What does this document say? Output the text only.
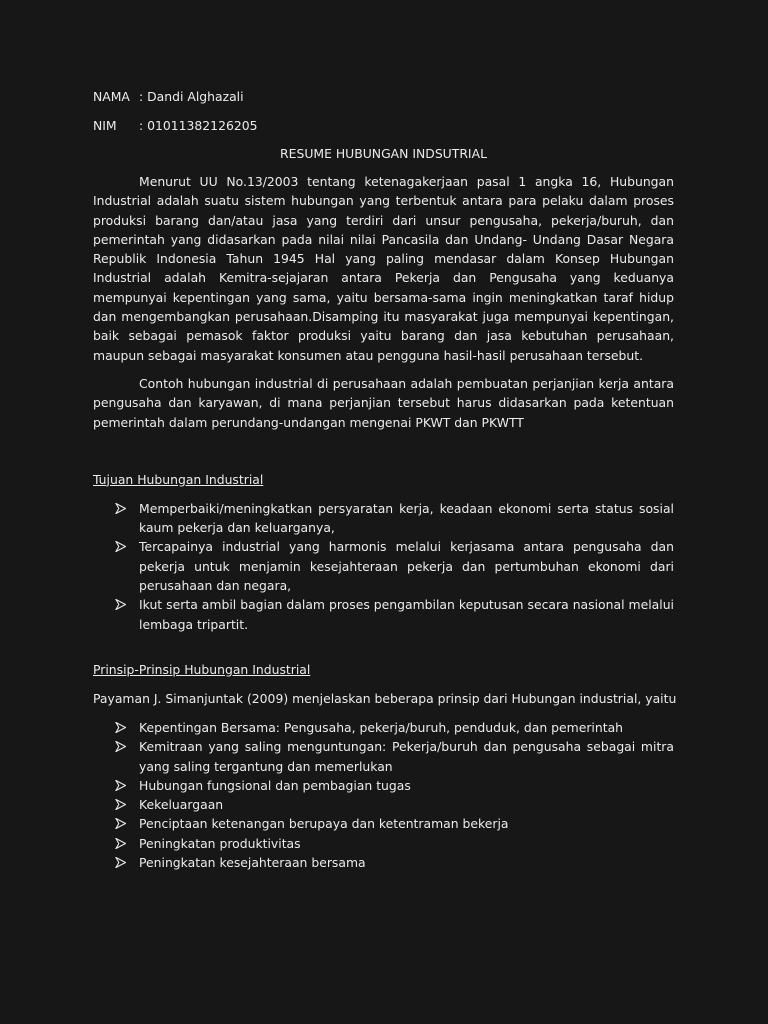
NAMA : Dandi Alghazali
NIM	: 01011382126205
RESUME HUBUNGAN INDSUTRIAL

Menurut UU No.13/2003 tentang ketenagakerjaan pasal 1 angka 16, Hubungan Industrial adalah suatu sistem hubungan yang terbentuk antara para pelaku dalam proses produksi barang dan/atau jasa yang terdiri dari unsur pengusaha, pekerja/buruh, dan pemerintah yang didasarkan pada nilai nilai Pancasila dan Undang- Undang Dasar Negara Republik Indonesia Tahun 1945 Hal yang paling mendasar dalam Konsep Hubungan Industrial adalah Kemitra-sejajaran antara Pekerja dan Pengusaha yang keduanya mempunyai kepentingan yang sama, yaitu bersama-sama ingin meningkatkan taraf hidup dan mengembangkan perusahaan.Disamping itu masyarakat juga mempunyai kepentingan, baik sebagai pemasok faktor produksi yaitu barang dan jasa kebutuhan perusahaan, maupun sebagai masyarakat konsumen atau pengguna hasil-hasil perusahaan tersebut.

Contoh hubungan industrial di perusahaan adalah pembuatan perjanjian kerja antara pengusaha dan karyawan, di mana perjanjian tersebut harus didasarkan pada ketentuan pemerintah dalam perundang-undangan mengenai PKWT dan PKWTT

Tujuan Hubungan Industrial
Memperbaiki/meningkatkan persyaratan kerja, keadaan ekonomi serta status sosial kaum pekerja dan keluarganya,
Tercapainya industrial yang harmonis melalui kerjasama antara pengusaha dan pekerja untuk menjamin kesejahteraan pekerja dan pertumbuhan ekonomi dari perusahaan dan negara,
Ikut serta ambil bagian dalam proses pengambilan keputusan secara nasional melalui lembaga tripartit.
Prinsip-Prinsip Hubungan Industrial
Payaman J. Simanjuntak (2009) menjelaskan beberapa prinsip dari Hubungan industrial, yaitu
Kepentingan Bersama: Pengusaha, pekerja/buruh, penduduk, dan pemerintah
Kemitraan yang saling menguntungan: Pekerja/buruh dan pengusaha sebagai mitra yang saling tergantung dan memerlukan
Hubungan fungsional dan pembagian tugas
Kekeluargaan
Penciptaan ketenangan berupaya dan ketentraman bekerja
Peningkatan produktivitas
Peningkatan kesejahteraan bersama
